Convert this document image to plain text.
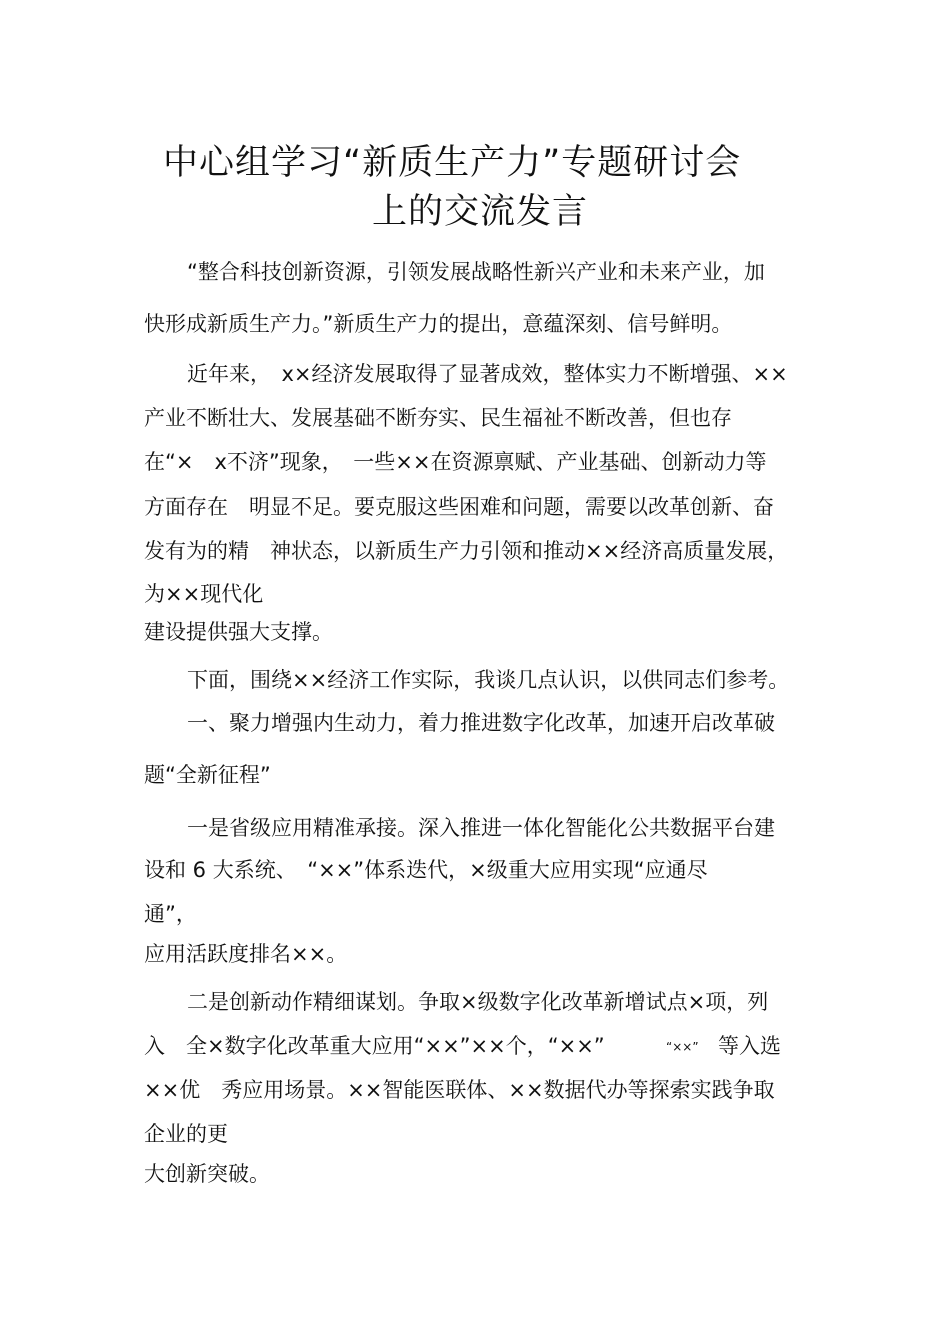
中心组学习“新质生产力”专题研讨会
上的交流发言

“整合科技创新资源，引领发展战略性新兴产业和未来产业，加

快形成新质生产力。”新质生产力的提出，意蕴深刻、信号鲜明。

近年来，　x×经济发展取得了显著成效，整体实力不断增强、××

产业不断壮大、发展基础不断夯实、民生福祉不断改善，但也存

在“×　x不济”现象，　一些××在资源禀赋、产业基础、创新动力等

方面存在　明显不足。要克服这些困难和问题，需要以改革创新、奋

发有为的精　神状态，以新质生产力引领和推动××经济高质量发展，

为××现代化

建设提供强大支撑。

下面，围绕××经济工作实际，我谈几点认识，以供同志们参考。

一、聚力增强内生动力，着力推进数字化改革，加速开启改革破

题“全新征程”

一是省级应用精准承接。深入推进一体化智能化公共数据平台建

设和 6 大系统、　“××”体系迭代，×级重大应用实现“应通尽

通”，

应用活跃度排名××。

二是创新动作精细谋划。争取×级数字化改革新增试点×项，列

入　全×数字化改革重大应用“××”××个，“××”	“××” 等入选

××优　秀应用场景。××智能医联体、××数据代办等探索实践争取

企业的更

大创新突破。
